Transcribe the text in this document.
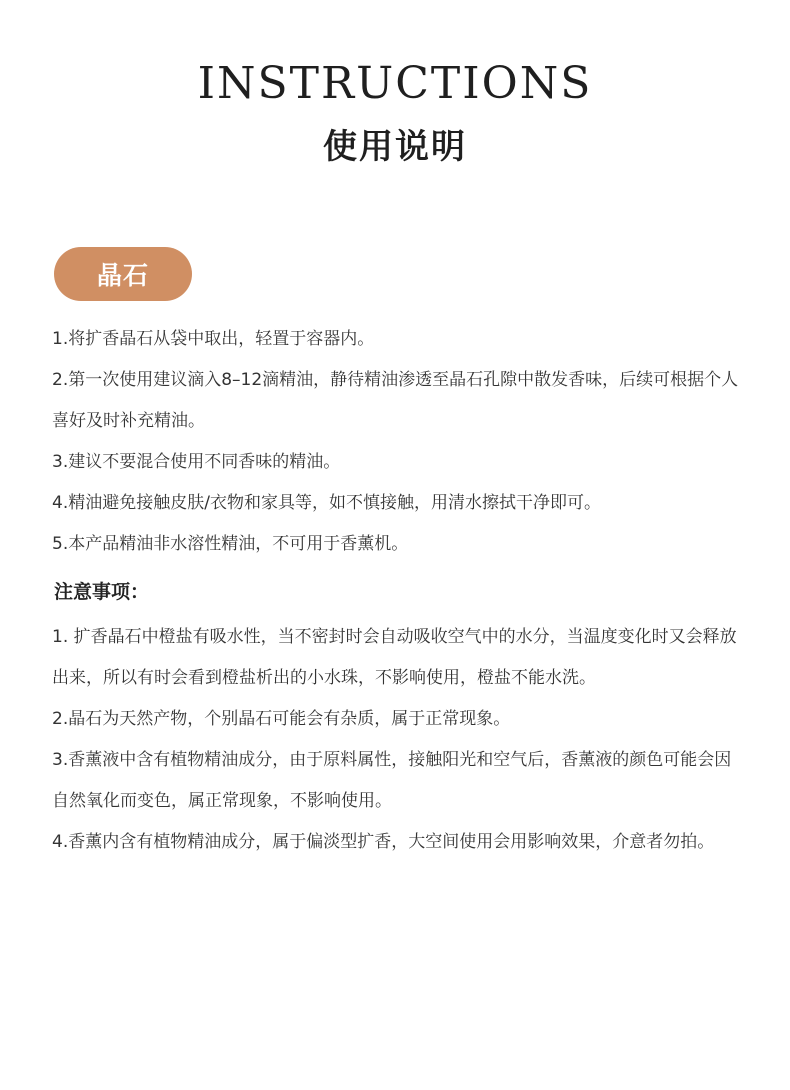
INSTRUCTIONS
使用说明
晶石

1.将扩香晶石从袋中取出，轻置于容器内。

2.第一次使用建议滴入8–12滴精油，静待精油渗透至晶石孔隙中散发香味，后续可根据个人喜好及时补充精油。

3.建议不要混合使用不同香味的精油。

4.精油避免接触皮肤/衣物和家具等，如不慎接触，用清水擦拭干净即可。

5.本产品精油非水溶性精油，不可用于香薰机。

注意事项：

1. 扩香晶石中橙盐有吸水性，当不密封时会自动吸收空气中的水分，当温度变化时又会释放出来，所以有时会看到橙盐析出的小水珠，不影响使用，橙盐不能水洗。

2.晶石为天然产物，个别晶石可能会有杂质，属于正常现象。

3.香薰液中含有植物精油成分，由于原料属性，接触阳光和空气后，香薰液的颜色可能会因自然氧化而变色，属正常现象，不影响使用。

4.香薰内含有植物精油成分，属于偏淡型扩香，大空间使用会用影响效果，介意者勿拍。
